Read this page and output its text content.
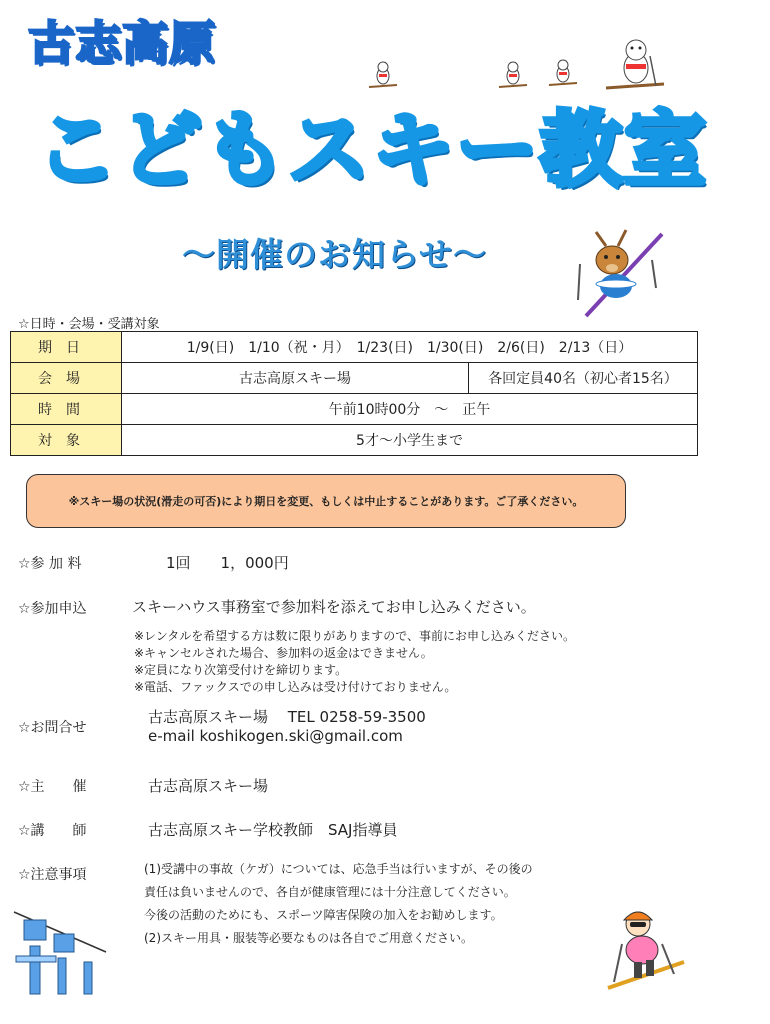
古志高原
こどもスキー教室
～開催のお知らせ～
☆日時・会場・受講対象
期日	1/9(日)　1/10（祝・月）　1/23(日)　1/30(日)　2/6(日)　2/13（日）	
会場	古志高原スキー場	各回定員40名（初心者15名）
時間	午前10時00分　～　正午	
対象	5才～小学生まで	
※スキー場の状況(滑走の可否)により期日を変更、もしくは中止することがあります。ご了承ください。
☆参 加 料	1回　　1，000円
☆参加申込	スキーハウス事務室で参加料を添えてお申し込みください。
※レンタルを希望する方は数に限りがありますので、事前にお申し込みください。
※キャンセルされた場合、参加料の返金はできません。
※定員になり次第受付けを締切ります。
※電話、ファックスでの申し込みは受け付けておりません。
☆お問合せ
古志高原スキー場　 TEL 0258-59-3500
e-mail koshikogen.ski@gmail.com
☆主　　催	古志高原スキー場
☆講　　師	古志高原スキー学校教師　SAJ指導員
☆注意事項	(1)受講中の事故（ケガ）については、応急手当は行いますが、その後の
責任は負いませんので、各自が健康管理には十分注意してください。
今後の活動のためにも、スポーツ障害保険の加入をお勧めします。
(2)スキー用具・服装等必要なものは各自でご用意ください。
